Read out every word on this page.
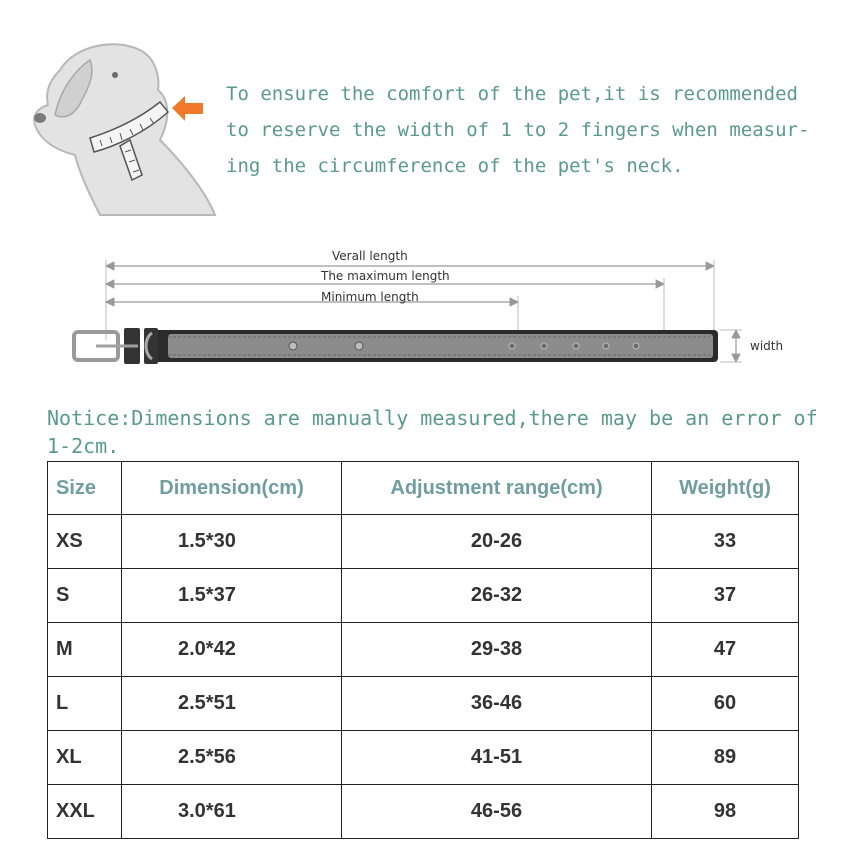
To ensure the comfort of the pet,it is recommended
to reserve the width of 1 to 2 fingers when measur-
ing the circumference of the pet's neck.
Verall length
The maximum length
Minimum length
width
Notice:Dimensions are manually measured,there may be an error of
1-2cm.
Size	Dimension(cm)	Adjustment range(cm)	Weight(g)
XS	1.5*30	20-26	33
S	1.5*37	26-32	37
M	2.0*42	29-38	47
L	2.5*51	36-46	60
XL	2.5*56	41-51	89
XXL	3.0*61	46-56	98
